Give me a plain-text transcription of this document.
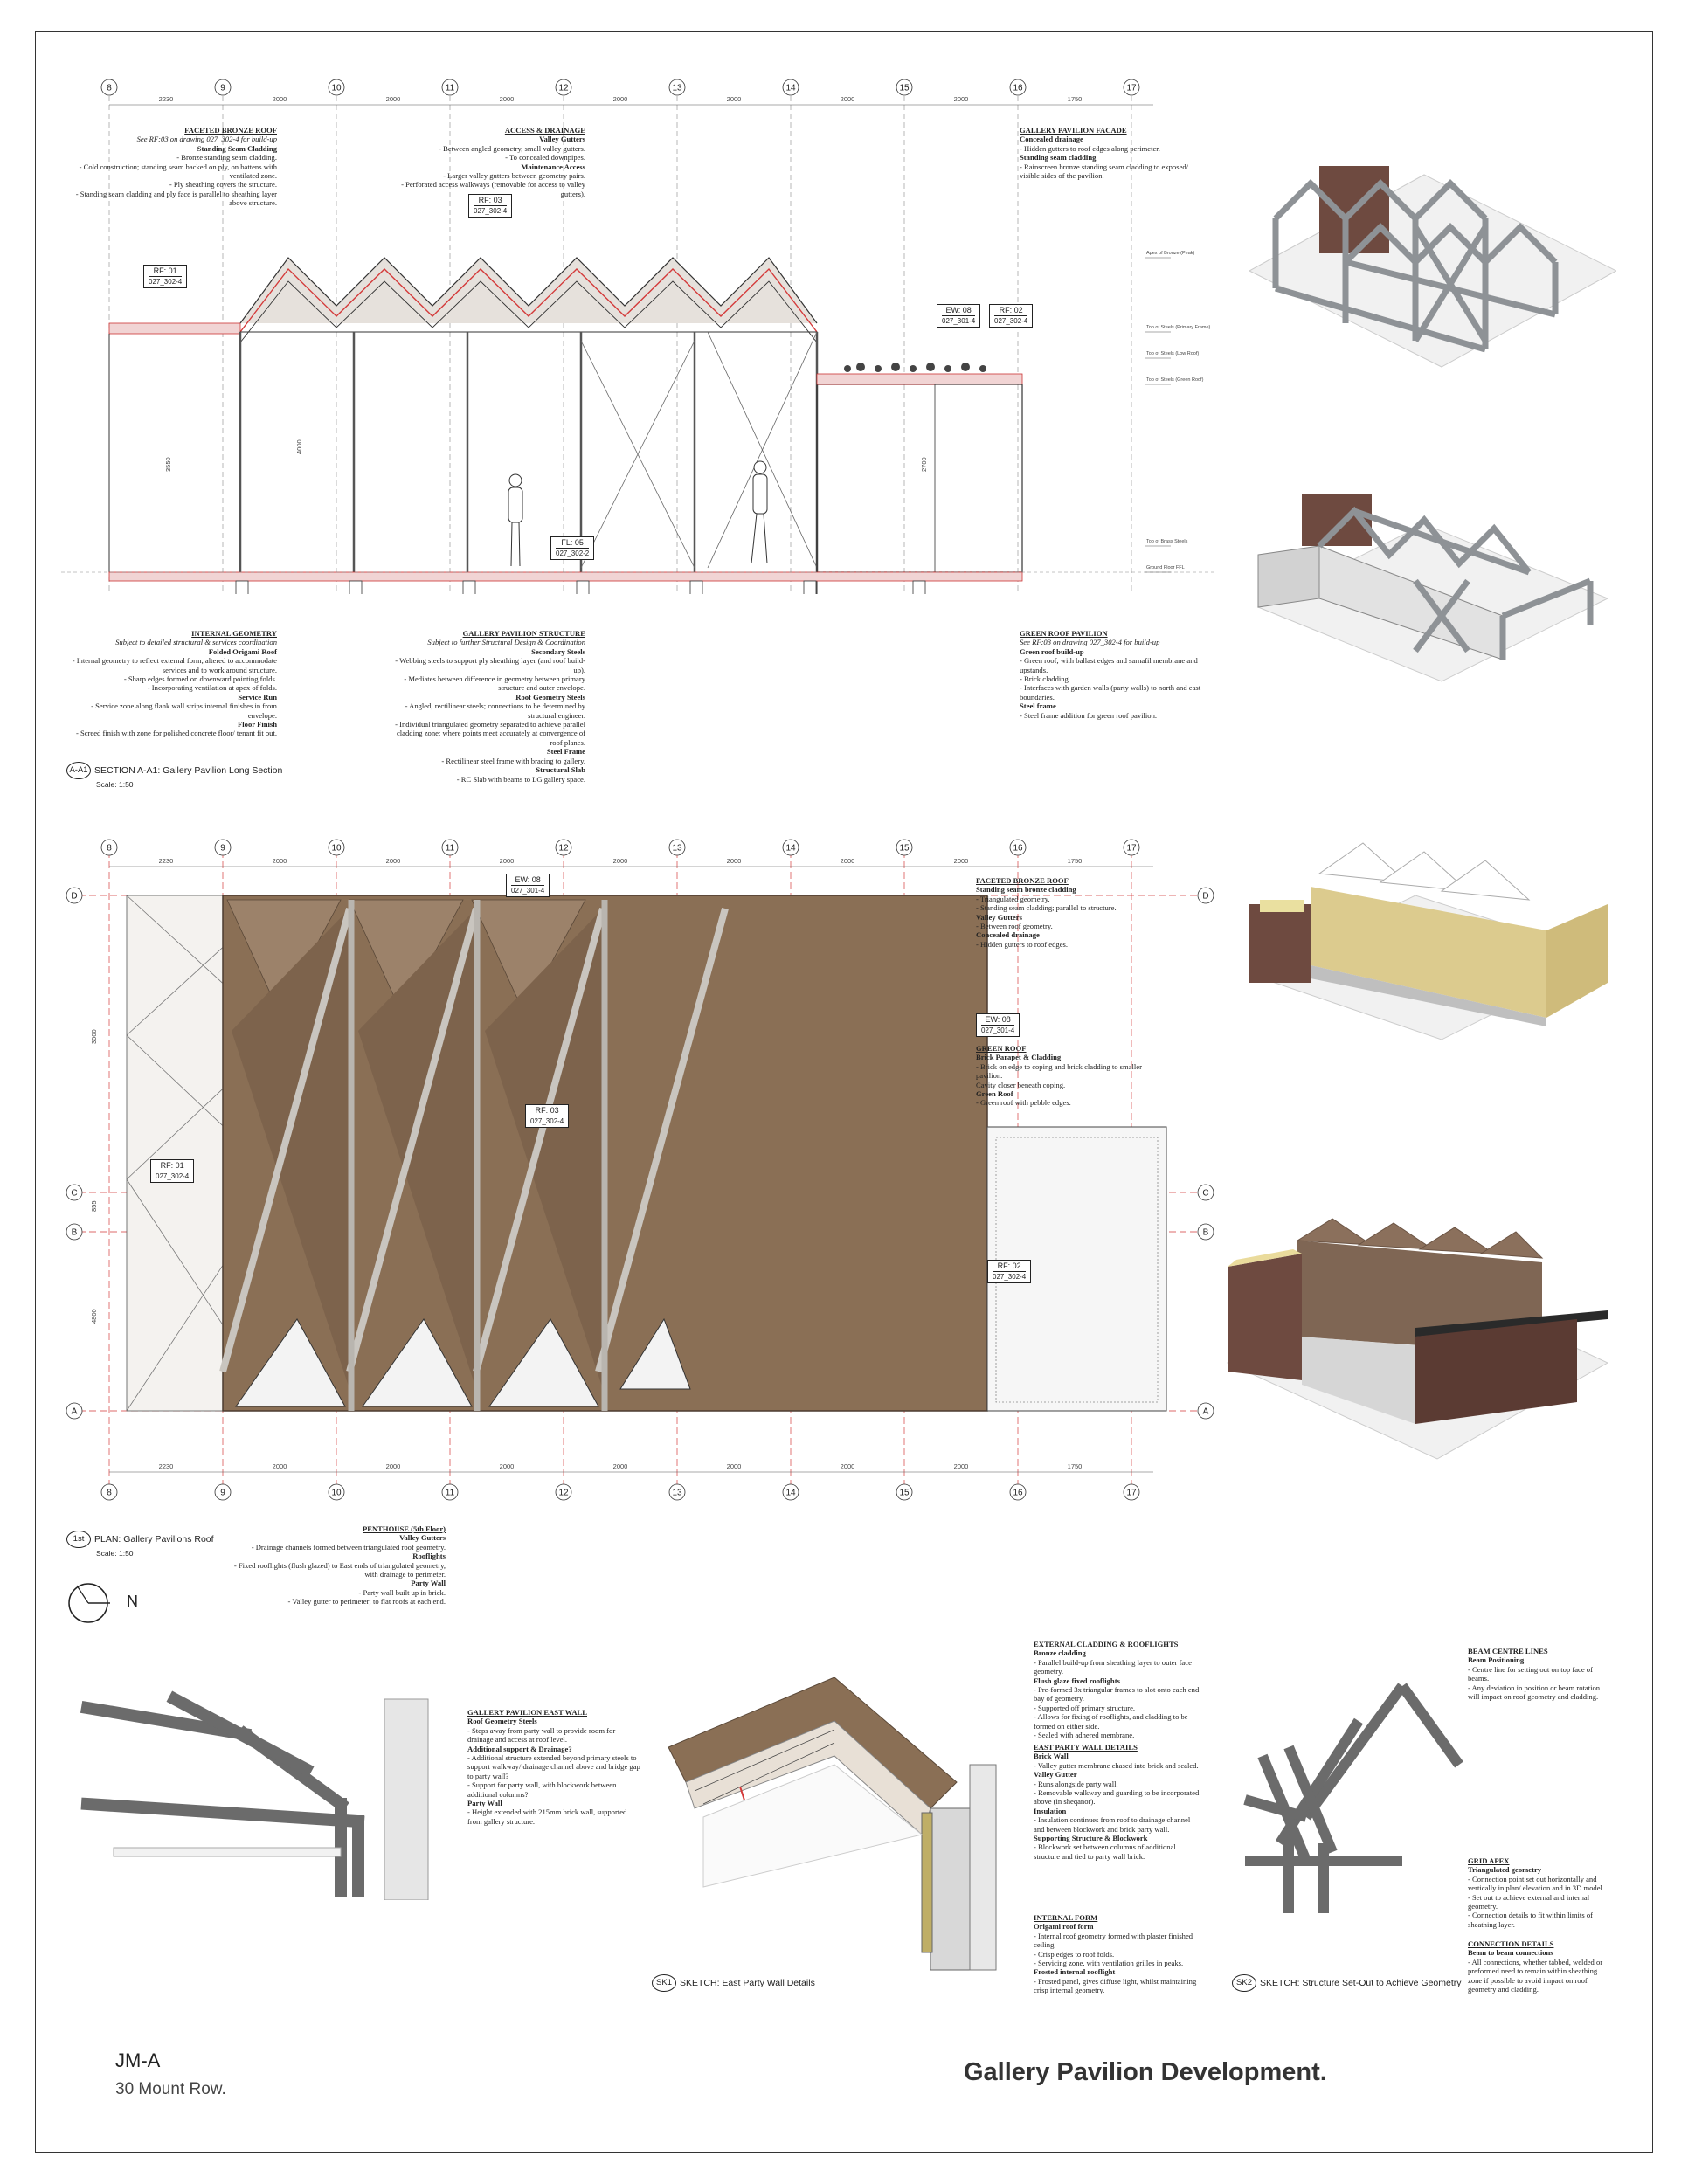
8	9	10	11	12	13	14	15	16	17
2230	2000	2000	2000	2000	2000	2000	2000	1750
Apex of Bronze (Peak)
Top of Steels (Primary Frame)
Top of Steels (Low Roof)
Top of Steels (Green Roof)
Top of Brass Steels
Ground Floor FFL
3550
4000
2700
RF: 01
027_302-4
RF: 03
027_302-4
EW: 08
027_301-4
RF: 02
027_302-4
FL: 05
027_302-2
FACETED BRONZE ROOF
See RF:03 on drawing 027_302-4 for build-up
Standing Seam Cladding
- Bronze standing seam cladding.
- Cold construction; standing seam backed on ply, on battens with ventilated zone.
- Ply sheathing covers the structure.
- Standing seam cladding and ply face is parallel to sheathing layer above structure.
ACCESS & DRAINAGE
Valley Gutters
- Between angled geometry, small valley gutters.
- To concealed downpipes.
Maintenance Access
- Larger valley gutters between geometry pairs.
- Perforated access walkways (removable for access to valley gutters).
GALLERY PAVILION FACADE
Concealed drainage
- Hidden gutters to roof edges along perimeter.
Standing seam cladding
- Rainscreen bronze standing seam cladding to exposed/ visible sides of the pavilion.
INTERNAL GEOMETRY
Subject to detailed structural & services coordination
Folded Origami Roof
- Internal geometry to reflect external form, altered to accommodate services and to work around structure.
- Sharp edges formed on downward pointing folds.
- Incorporating ventilation at apex of folds.
Service Run
- Service zone along flank wall strips internal finishes in from envelope.
Floor Finish
- Screed finish with zone for polished concrete floor/ tenant fit out.
GALLERY PAVILION STRUCTURE
Subject to further Structural Design & Coordination
Secondary Steels
- Webbing steels to support ply sheathing layer (and roof build-up).
- Mediates between difference in geometry between primary structure and outer envelope.
Roof Geometry Steels
- Angled, rectilinear steels; connections to be determined by structural engineer.
- Individual triangulated geometry separated to achieve parallel cladding zone; where points meet accurately at convergence of roof planes.
Steel Frame
- Rectilinear steel frame with bracing to gallery.
Structural Slab
- RC Slab with beams to LG gallery space.
GREEN ROOF PAVILION
See RF:03 on drawing 027_302-4 for build-up
Green roof build-up
- Green roof, with ballast edges and sarnafil membrane and upstands.
- Brick cladding.
- Interfaces with garden walls (party walls) to north and east boundaries.
Steel frame
- Steel frame addition for green roof pavilion.
A-A1 SECTION A-A1: Gallery Pavilion Long Section
Scale: 1:50
8	9	10	11	12	13	14	15	16	17
8	9	10	11	12	13	14	15	16	17
D	D
C	C
B	B
A	A
2230	2000	2000	2000	2000	2000	2000	2000	1750
2230	2000	2000	2000	2000	2000	2000	2000	1750
3000
855
4800
EW: 08
027_301-4
EW: 08
027_301-4
RF: 03
027_302-4
RF: 01
027_302-4
RF: 02
027_302-4
FACETED BRONZE ROOF
Standing seam bronze cladding
- Triangulated geometry.
- Standing seam cladding; parallel to structure.
Valley Gutters
- Between roof geometry.
Concealed drainage
- Hidden gutters to roof edges.
GREEN ROOF
Brick Parapet & Cladding
- Brick on edge to coping and brick cladding to smaller pavilion.
Cavity closer beneath coping.
Green Roof
- Green roof with pebble edges.
PENTHOUSE (5th Floor)
Valley Gutters
- Drainage channels formed between triangulated roof geometry.
Rooflights
- Fixed rooflights (flush glazed) to East ends of triangulated geometry, with drainage to perimeter.
Party Wall
- Party wall built up in brick.
- Valley gutter to perimeter; to flat roofs at each end.
1st PLAN: Gallery Pavilions Roof
Scale: 1:50
N
GALLERY PAVILION EAST WALL
Roof Geometry Steels
- Steps away from party wall to provide room for drainage and access at roof level.
Additional support & Drainage?
- Additional structure extended beyond primary steels to support walkway/ drainage channel above and bridge gap to party wall?
- Support for party wall, with blockwork between additional columns?
Party Wall
- Height extended with 215mm brick wall, supported from gallery structure.
EXTERNAL CLADDING & ROOFLIGHTS
Bronze cladding
- Parallel build-up from sheathing layer to outer face geometry.
Flush glaze fixed rooflights
- Pre-formed 3x triangular frames to slot onto each end bay of geometry.
- Supported off primary structure.
- Allows for fixing of rooflights, and cladding to be formed on either side.
- Sealed with adhered membrane.
EAST PARTY WALL DETAILS
Brick Wall
- Valley gutter membrane chased into brick and sealed.
Valley Gutter
- Runs alongside party wall.
- Removable walkway and guarding to be incorporated above (in sheqanor).
Insulation
- Insulation continues from roof to drainage channel and between blockwork and brick party wall.
Supporting Structure & Blockwork
- Blockwork set between columns of additional structure and tied to party wall brick.
INTERNAL FORM
Origami roof form
- Internal roof geometry formed with plaster finished ceiling.
- Crisp edges to roof folds.
- Servicing zone, with ventilation grilles in peaks.
Frosted internal rooflight
- Frosted panel, gives diffuse light, whilst maintaining crisp internal geometry.
BEAM CENTRE LINES
Beam Positioning
- Centre line for setting out on top face of beams.
- Any deviation in position or beam rotation will impact on roof geometry and cladding.
GRID APEX
Triangulated geometry
- Connection point set out horizontally and vertically in plan/ elevation and in 3D model.
- Set out to achieve external and internal geometry.
- Connection details to fit within limits of sheathing layer.
CONNECTION DETAILS
Beam to beam connections
- All connections, whether tabbed, welded or preformed need to remain within sheathing zone if possible to avoid impact on roof geometry and cladding.
SK1 SKETCH: East Party Wall Details	SK2 SKETCH: Structure Set-Out to Achieve Geometry
JM-A
30 Mount Row.
Gallery Pavilion Development.
